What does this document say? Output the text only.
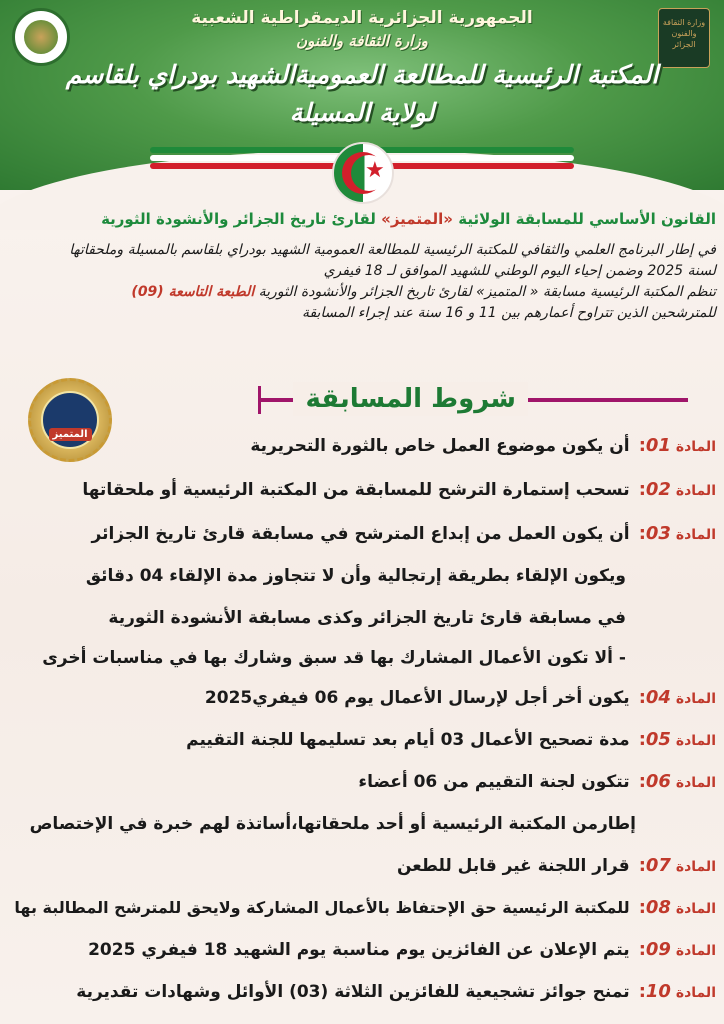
وزارة الثقافة والفنون الجزائر
الجمهورية الجزائرية الديمقراطية الشعبية
وزارة الثقافة والفنون
المكتبة الرئيسية للمطالعة العموميةالشهيد بودراي بلقاسم
لولاية المسيلة
★
القانون الأساسي للمسابقة الولائية «المتميز» لقارئ تاريخ الجزائر والأنشودة الثورية

في إطار البرنامج العلمي والثقافي للمكتبة الرئيسية للمطالعة العمومية الشهيد بودراي بلقاسم بالمسيلة وملحقاتها

لسنة 2025 وضمن إحياء اليوم الوطني للشهيد الموافق لـ 18 فيفري

تنظم المكتبة الرئيسية مسابقة « المتميز» لقارئ تاريخ الجزائر والأنشودة الثورية الطبعة التاسعة (09)

للمترشحين الذين تتراوح أعمارهم بين 11 و 16 سنة عند إجراء المسابقة

المتميز
شروط المسابقة
المادة 01: أن يكون موضوع العمل خاص بالثورة التحريرية
المادة 02: تسحب إستمارة الترشح للمسابقة من المكتبة الرئيسية أو ملحقاتها
المادة 03: أن يكون العمل من إبداع المترشح في مسابقة قارئ تاريخ الجزائر
ويكون الإلقاء بطريقة إرتجالية وأن لا تتجاوز مدة الإلقاء 04 دقائق
في مسابقة قارئ تاريخ الجزائر وكذى مسابقة الأنشودة الثورية
- ألا تكون الأعمال المشارك بها قد سبق وشارك بها في مناسبات أخرى
المادة 04: يكون أخر أجل لإرسال الأعمال يوم 06 فيفري2025
المادة 05: مدة تصحيح الأعمال 03 أيام بعد تسليمها للجنة التقييم
المادة 06: تتكون لجنة التقييم من 06 أعضاء
إطارمن المكتبة الرئيسية أو أحد ملحقاتها،أساتذة لهم خبرة في الإختصاص
المادة 07: قرار اللجنة غير قابل للطعن
المادة 08: للمكتبة الرئيسية حق الإحتفاظ بالأعمال المشاركة ولايحق للمترشح المطالبة بها
المادة 09: يتم الإعلان عن الفائزين يوم مناسبة يوم الشهيد 18 فيفري 2025
المادة 10: تمنح جوائز تشجيعية للفائزين الثلاثة (03) الأوائل وشهادات تقديرية
